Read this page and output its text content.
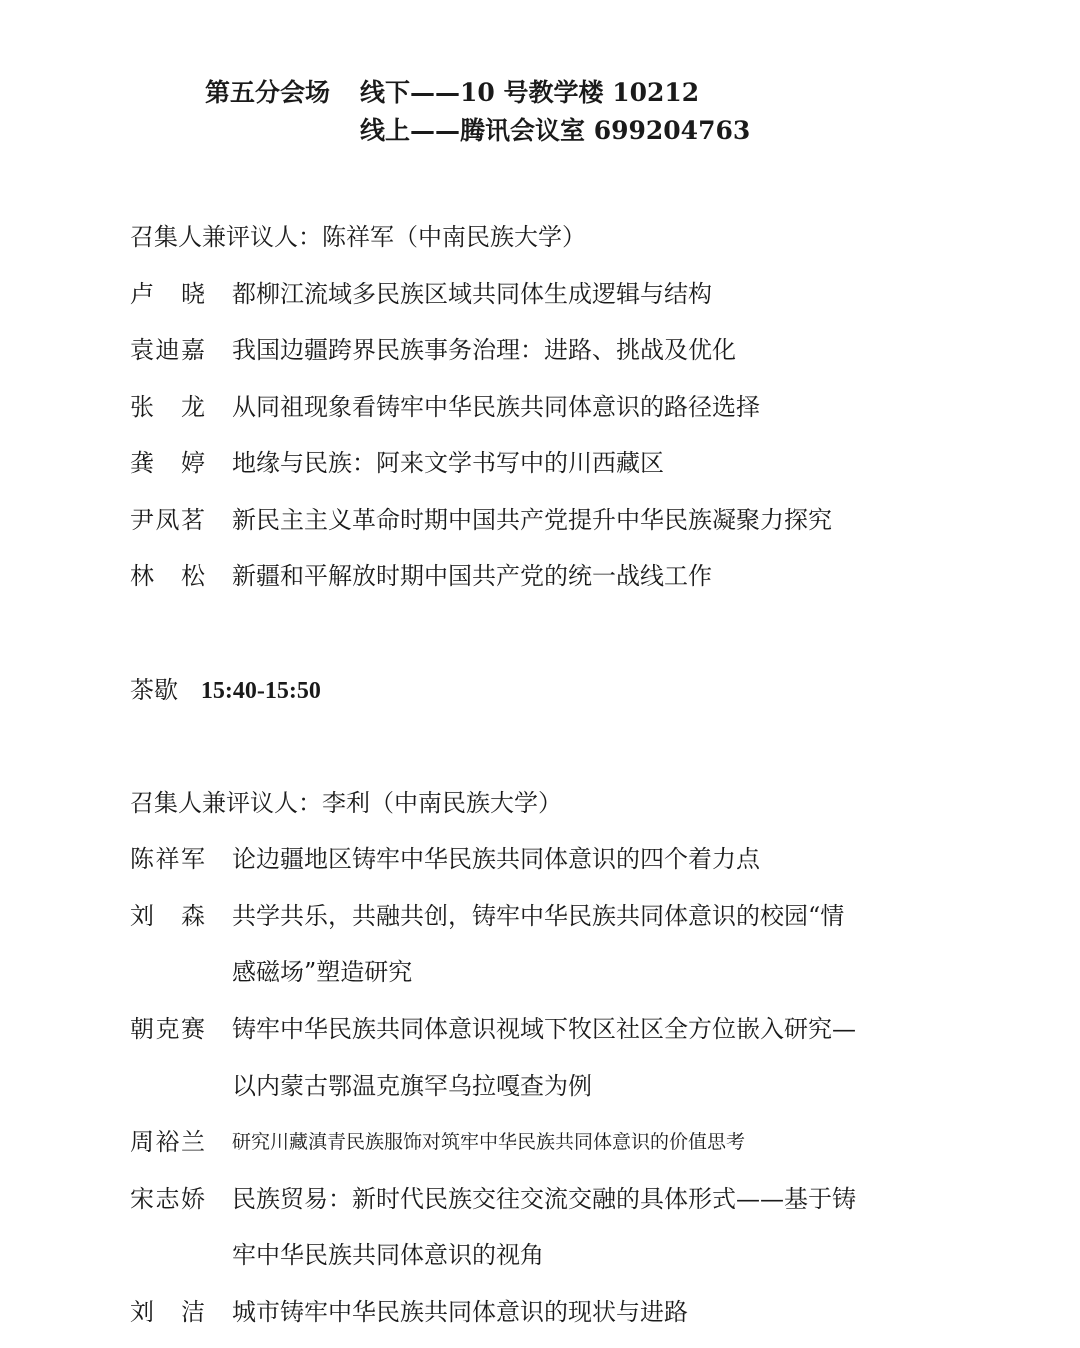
第五分会场 线下——10 号教学楼 10212
线上——腾讯会议室 699204763
召集人兼评议人：陈祥军（中南民族大学）
卢晓 都柳江流域多民族区域共同体生成逻辑与结构
袁迪嘉 我国边疆跨界民族事务治理：进路、挑战及优化
张龙 从同祖现象看铸牢中华民族共同体意识的路径选择
龚婷 地缘与民族：阿来文学书写中的川西藏区
尹凤茗 新民主主义革命时期中国共产党提升中华民族凝聚力探究
林松 新疆和平解放时期中国共产党的统一战线工作
茶歇 15:40-15:50
召集人兼评议人：李利（中南民族大学）
陈祥军 论边疆地区铸牢中华民族共同体意识的四个着力点
刘森 共学共乐，共融共创，铸牢中华民族共同体意识的校园“情
感磁场”塑造研究
朝克赛 铸牢中华民族共同体意识视域下牧区社区全方位嵌入研究—
以内蒙古鄂温克旗罕乌拉嘎查为例
周裕兰 研究川藏滇青民族服饰对筑牢中华民族共同体意识的价值思考
宋志娇 民族贸易：新时代民族交往交流交融的具体形式——基于铸
牢中华民族共同体意识的视角
刘洁 城市铸牢中华民族共同体意识的现状与进路
